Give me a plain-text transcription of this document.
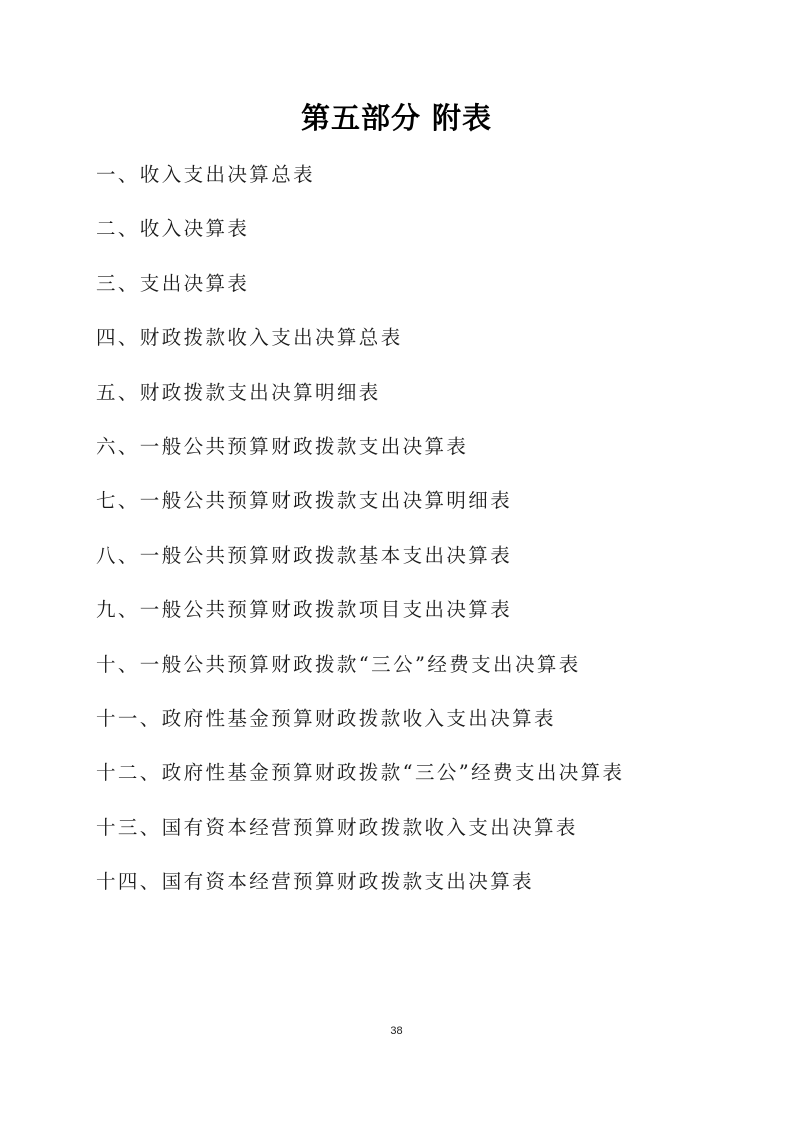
第五部分 附表
一、收入支出决算总表
二、收入决算表
三、支出决算表
四、财政拨款收入支出决算总表
五、财政拨款支出决算明细表
六、一般公共预算财政拨款支出决算表
七、一般公共预算财政拨款支出决算明细表
八、一般公共预算财政拨款基本支出决算表
九、一般公共预算财政拨款项目支出决算表
十、一般公共预算财政拨款“三公”经费支出决算表
十一、政府性基金预算财政拨款收入支出决算表
十二、政府性基金预算财政拨款“三公”经费支出决算表
十三、国有资本经营预算财政拨款收入支出决算表
十四、国有资本经营预算财政拨款支出决算表
38
